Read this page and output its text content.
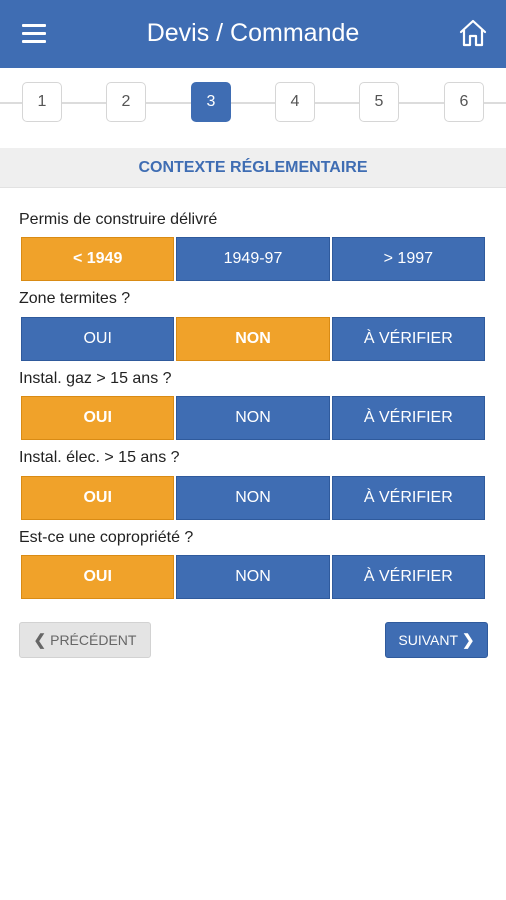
Devis / Commande
1	2	3	4	5	6
CONTEXTE RÉGLEMENTAIRE
Permis de construire délivré
< 1949	1949-97	> 1997
Zone termites ?
OUI	NON	À VÉRIFIER
Instal. gaz > 15 ans ?
OUI	NON	À VÉRIFIER
Instal. élec. > 15 ans ?
OUI	NON	À VÉRIFIER
Est-ce une copropriété ?
OUI	NON	À VÉRIFIER
❮ PRÉCÉDENT	SUIVANT ❯
